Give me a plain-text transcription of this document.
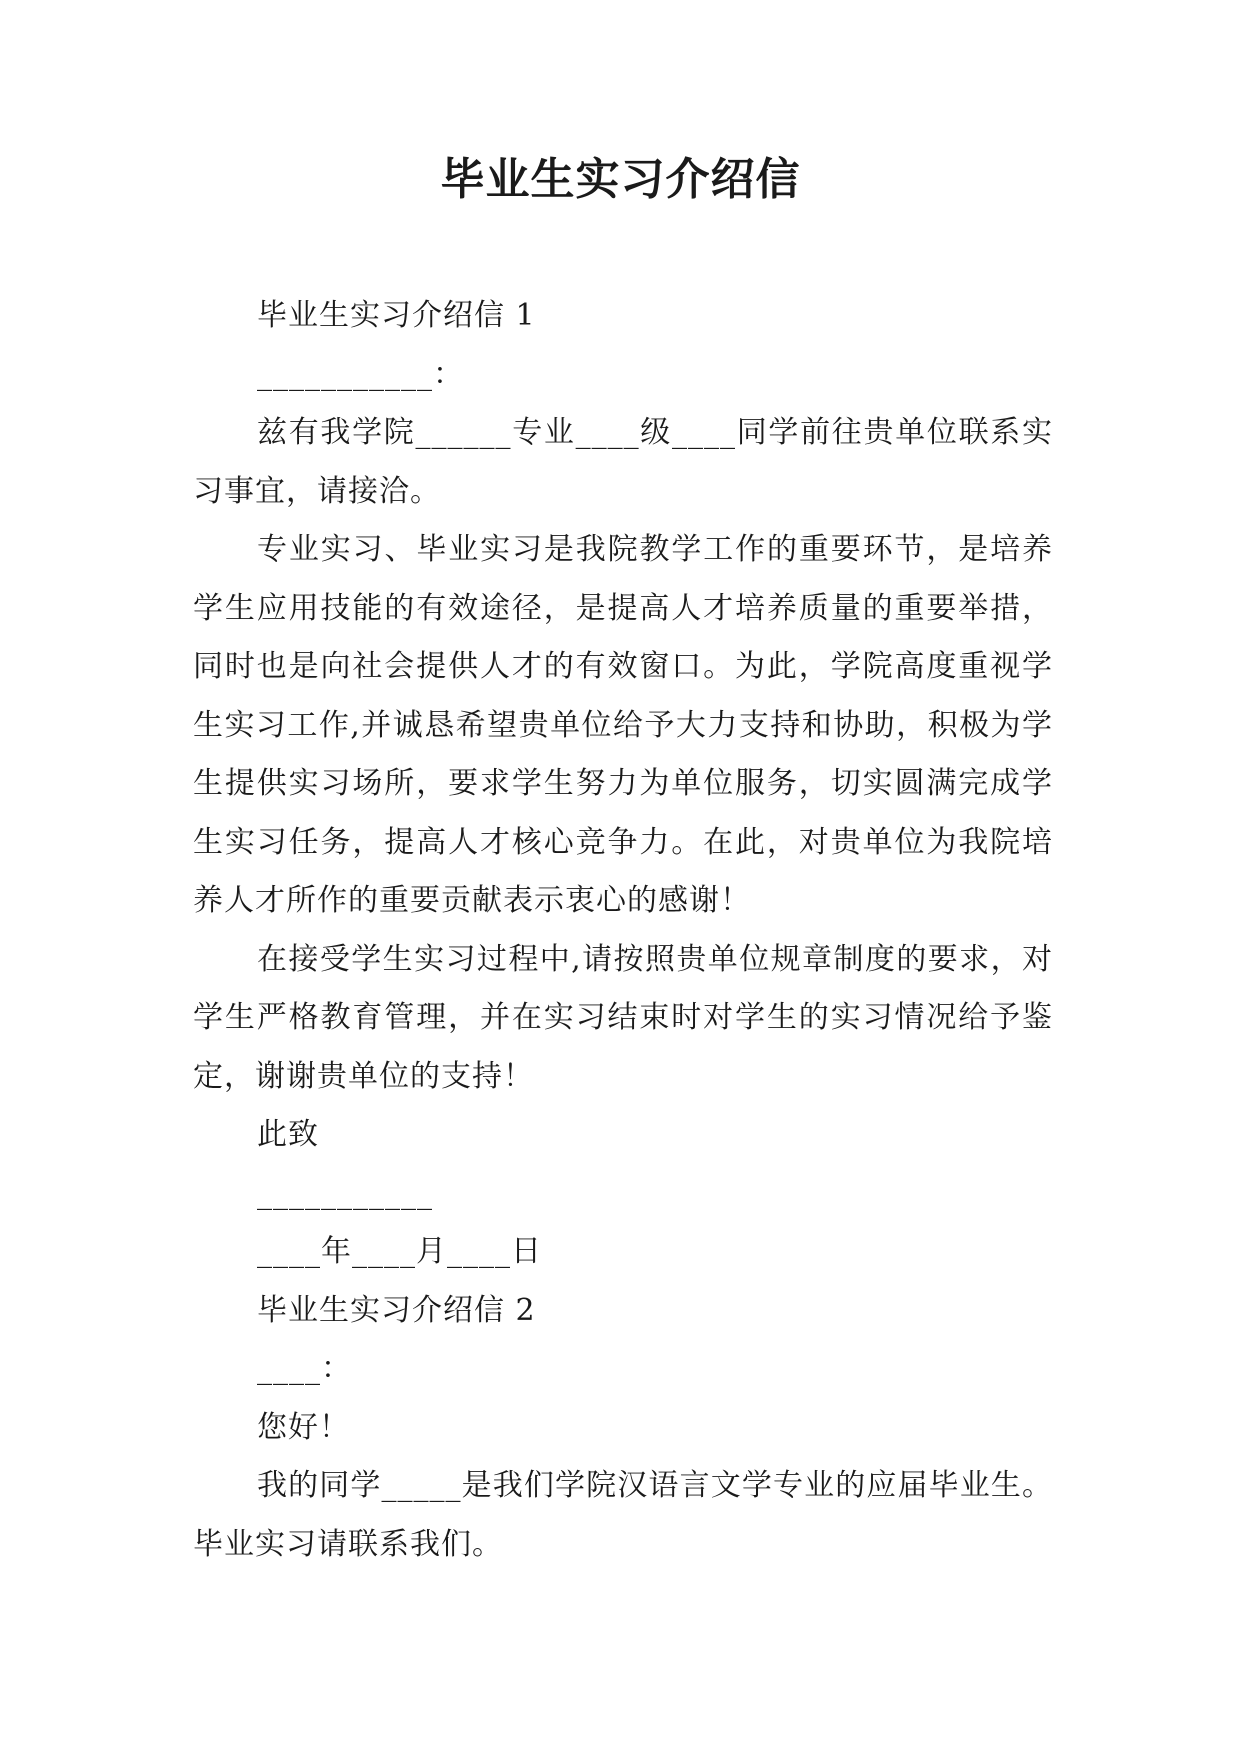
毕业生实习介绍信

毕业生实习介绍信 1

___________：

兹有我学院______专业____级____同学前往贵单位联系实习事宜，请接洽。

专业实习、毕业实习是我院教学工作的重要环节，是培养学生应用技能的有效途径，是提高人才培养质量的重要举措，同时也是向社会提供人才的有效窗口。为此，学院高度重视学生实习工作,并诚恳希望贵单位给予大力支持和协助，积极为学生提供实习场所，要求学生努力为单位服务，切实圆满完成学生实习任务，提高人才核心竞争力。在此，对贵单位为我院培养人才所作的重要贡献表示衷心的感谢！

在接受学生实习过程中,请按照贵单位规章制度的要求，对学生严格教育管理，并在实习结束时对学生的实习情况给予鉴定，谢谢贵单位的支持！

此致

___________

____年____月____日

毕业生实习介绍信 2

____：

您好！

我的同学_____是我们学院汉语言文学专业的应届毕业生。毕业实习请联系我们。
